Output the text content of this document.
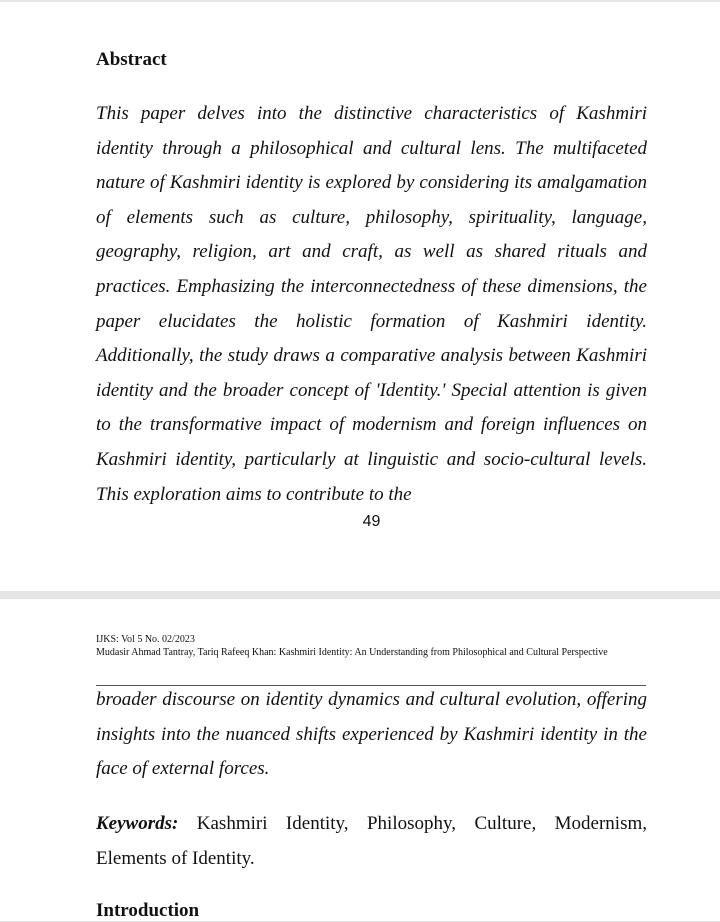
Abstract

This paper delves into the distinctive characteristics of Kashmiri identity through a philosophical and cultural lens. The multifaceted nature of Kashmiri identity is explored by considering its amalgamation of elements such as culture, philosophy, spirituality, language, geography, religion, art and craft, as well as shared rituals and practices. Emphasizing the interconnectedness of these dimensions, the paper elucidates the holistic formation of Kashmiri identity. Additionally, the study draws a comparative analysis between Kashmiri identity and the broader concept of 'Identity.' Special attention is given to the transformative impact of modernism and foreign influences on Kashmiri identity, particularly at linguistic and socio-cultural levels. This exploration aims to contribute to the

49
IJKS: Vol 5 No. 02/2023
Mudasir Ahmad Tantray, Tariq Rafeeq Khan: Kashmiri Identity: An Understanding from Philosophical and Cultural Perspective

broader discourse on identity dynamics and cultural evolution, offering insights into the nuanced shifts experienced by Kashmiri identity in the face of external forces.

Keywords: Kashmiri Identity, Philosophy, Culture, Modernism, Elements of Identity.

Introduction
